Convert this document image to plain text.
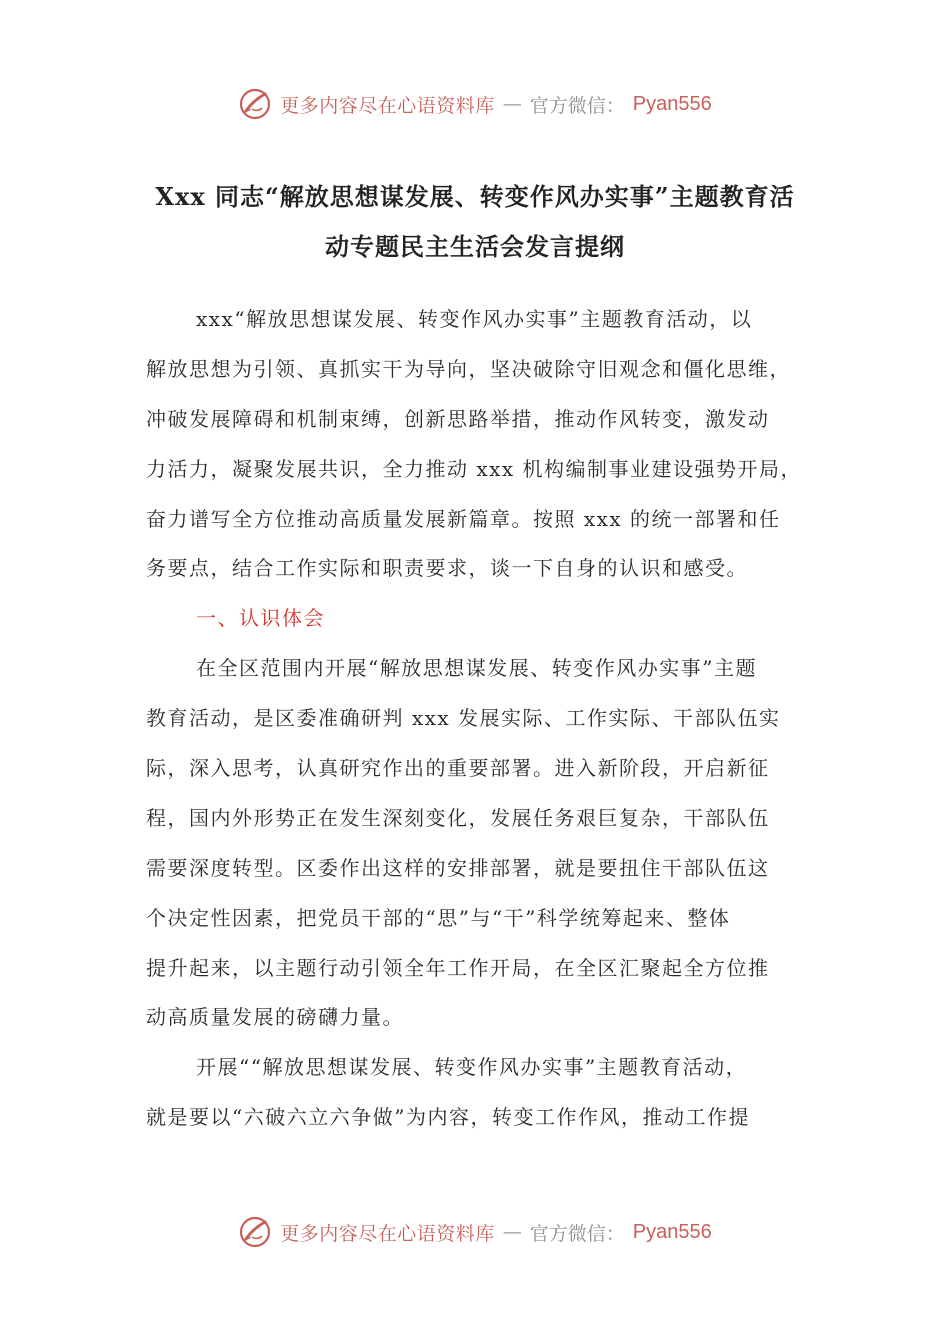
更多内容尽在心语资料库 — 官方微信： Pyan556
Xxx 同志“解放思想谋发展、转变作风办实事”主题教育活
动专题民主生活会发言提纲
xxx“解放思想谋发展、转变作风办实事”主题教育活动，以
解放思想为引领、真抓实干为导向，坚决破除守旧观念和僵化思维，
冲破发展障碍和机制束缚，创新思路举措，推动作风转变，激发动
力活力，凝聚发展共识，全力推动 xxx 机构编制事业建设强势开局，
奋力谱写全方位推动高质量发展新篇章。按照 xxx 的统一部署和任
务要点，结合工作实际和职责要求，谈一下自身的认识和感受。
一、认识体会
在全区范围内开展“解放思想谋发展、转变作风办实事”主题
教育活动，是区委准确研判 xxx 发展实际、工作实际、干部队伍实
际，深入思考，认真研究作出的重要部署。进入新阶段，开启新征
程，国内外形势正在发生深刻变化，发展任务艰巨复杂，干部队伍
需要深度转型。区委作出这样的安排部署，就是要扭住干部队伍这
个决定性因素，把党员干部的“思”与“干”科学统筹起来、整体
提升起来，以主题行动引领全年工作开局，在全区汇聚起全方位推
动高质量发展的磅礴力量。
开展““解放思想谋发展、转变作风办实事”主题教育活动，
就是要以“六破六立六争做”为内容，转变工作作风，推动工作提
更多内容尽在心语资料库 — 官方微信： Pyan556
